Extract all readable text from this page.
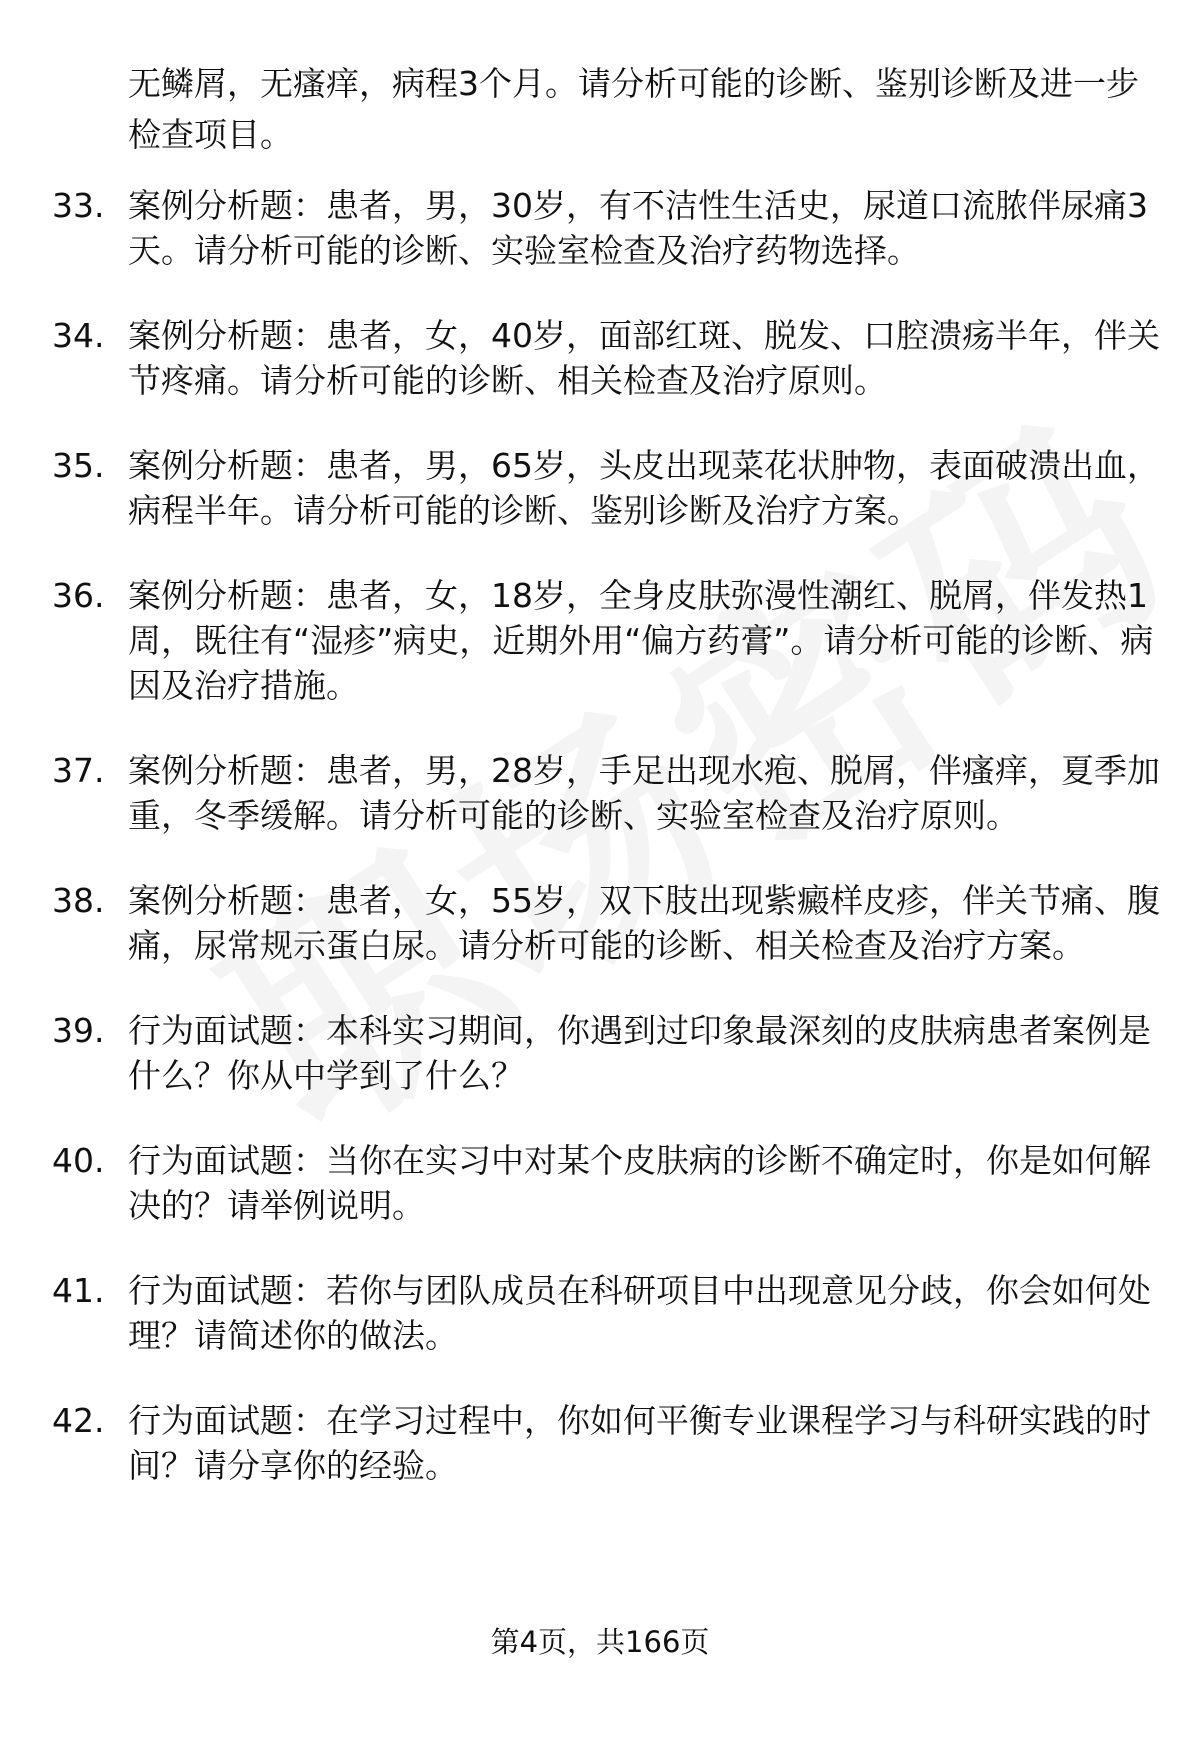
无鳞屑，无瘙痒，病程3个月。请分析可能的诊断、鉴别诊断及进一步检查项目。
33. 案例分析题：患者，男，30岁，有不洁性生活史，尿道口流脓伴尿痛3天。请分析可能的诊断、实验室检查及治疗药物选择。
34. 案例分析题：患者，女，40岁，面部红斑、脱发、口腔溃疡半年，伴关节疼痛。请分析可能的诊断、相关检查及治疗原则。
35. 案例分析题：患者，男，65岁，头皮出现菜花状肿物，表面破溃出血，病程半年。请分析可能的诊断、鉴别诊断及治疗方案。
36. 案例分析题：患者，女，18岁，全身皮肤弥漫性潮红、脱屑，伴发热1周，既往有“湿疹”病史，近期外用“偏方药膏”。请分析可能的诊断、病因及治疗措施。
37. 案例分析题：患者，男，28岁，手足出现水疱、脱屑，伴瘙痒，夏季加重，冬季缓解。请分析可能的诊断、实验室检查及治疗原则。
38. 案例分析题：患者，女，55岁，双下肢出现紫癜样皮疹，伴关节痛、腹痛，尿常规示蛋白尿。请分析可能的诊断、相关检查及治疗方案。
39. 行为面试题：本科实习期间，你遇到过印象最深刻的皮肤病患者案例是什么？你从中学到了什么？
40. 行为面试题：当你在实习中对某个皮肤病的诊断不确定时，你是如何解决的？请举例说明。
41. 行为面试题：若你与团队成员在科研项目中出现意见分歧，你会如何处理？请简述你的做法。
42. 行为面试题：在学习过程中，你如何平衡专业课程学习与科研实践的时间？请分享你的经验。
第4页，共166页
